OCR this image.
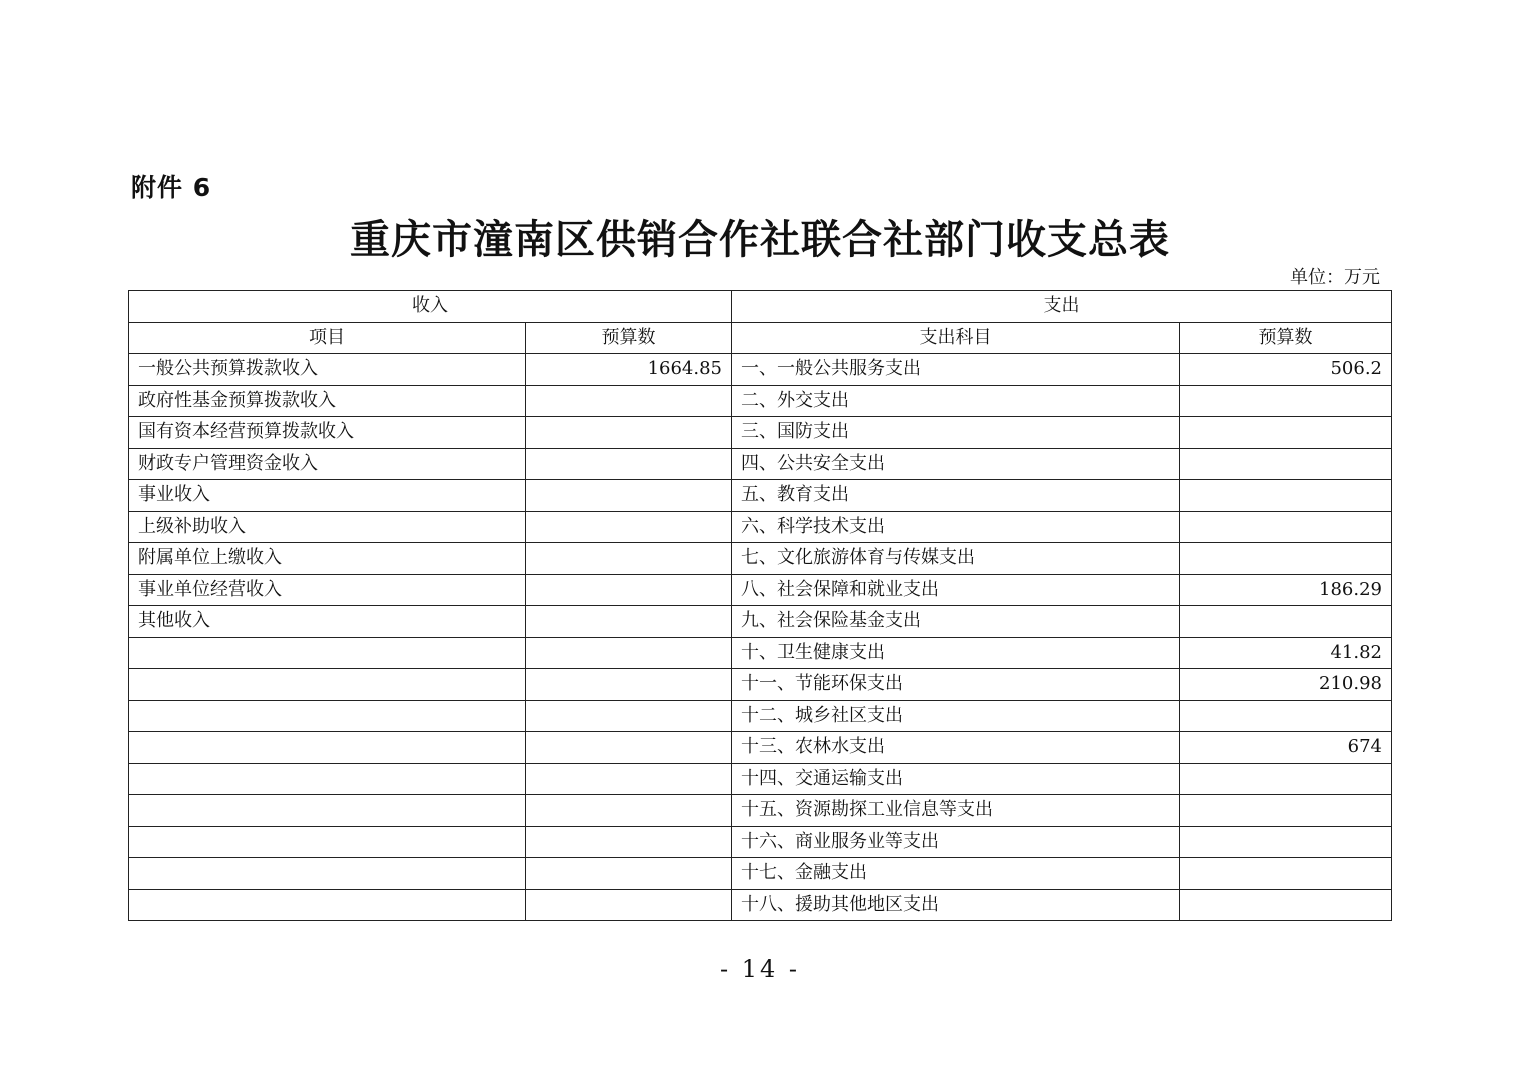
附件 6
重庆市潼南区供销合作社联合社部门收支总表
单位：万元
收入		支出	
项目	预算数	支出科目	预算数
一般公共预算拨款收入	1664.85	一、一般公共服务支出	506.2
政府性基金预算拨款收入		二、外交支出	
国有资本经营预算拨款收入		三、国防支出	
财政专户管理资金收入		四、公共安全支出	
事业收入		五、教育支出	
上级补助收入		六、科学技术支出	
附属单位上缴收入		七、文化旅游体育与传媒支出	
事业单位经营收入		八、社会保障和就业支出	186.29
其他收入		九、社会保险基金支出	
		十、卫生健康支出	41.82
		十一、节能环保支出	210.98
		十二、城乡社区支出	
		十三、农林水支出	674
		十四、交通运输支出	
		十五、资源勘探工业信息等支出	
		十六、商业服务业等支出	
		十七、金融支出	
		十八、援助其他地区支出	
- 14 -
